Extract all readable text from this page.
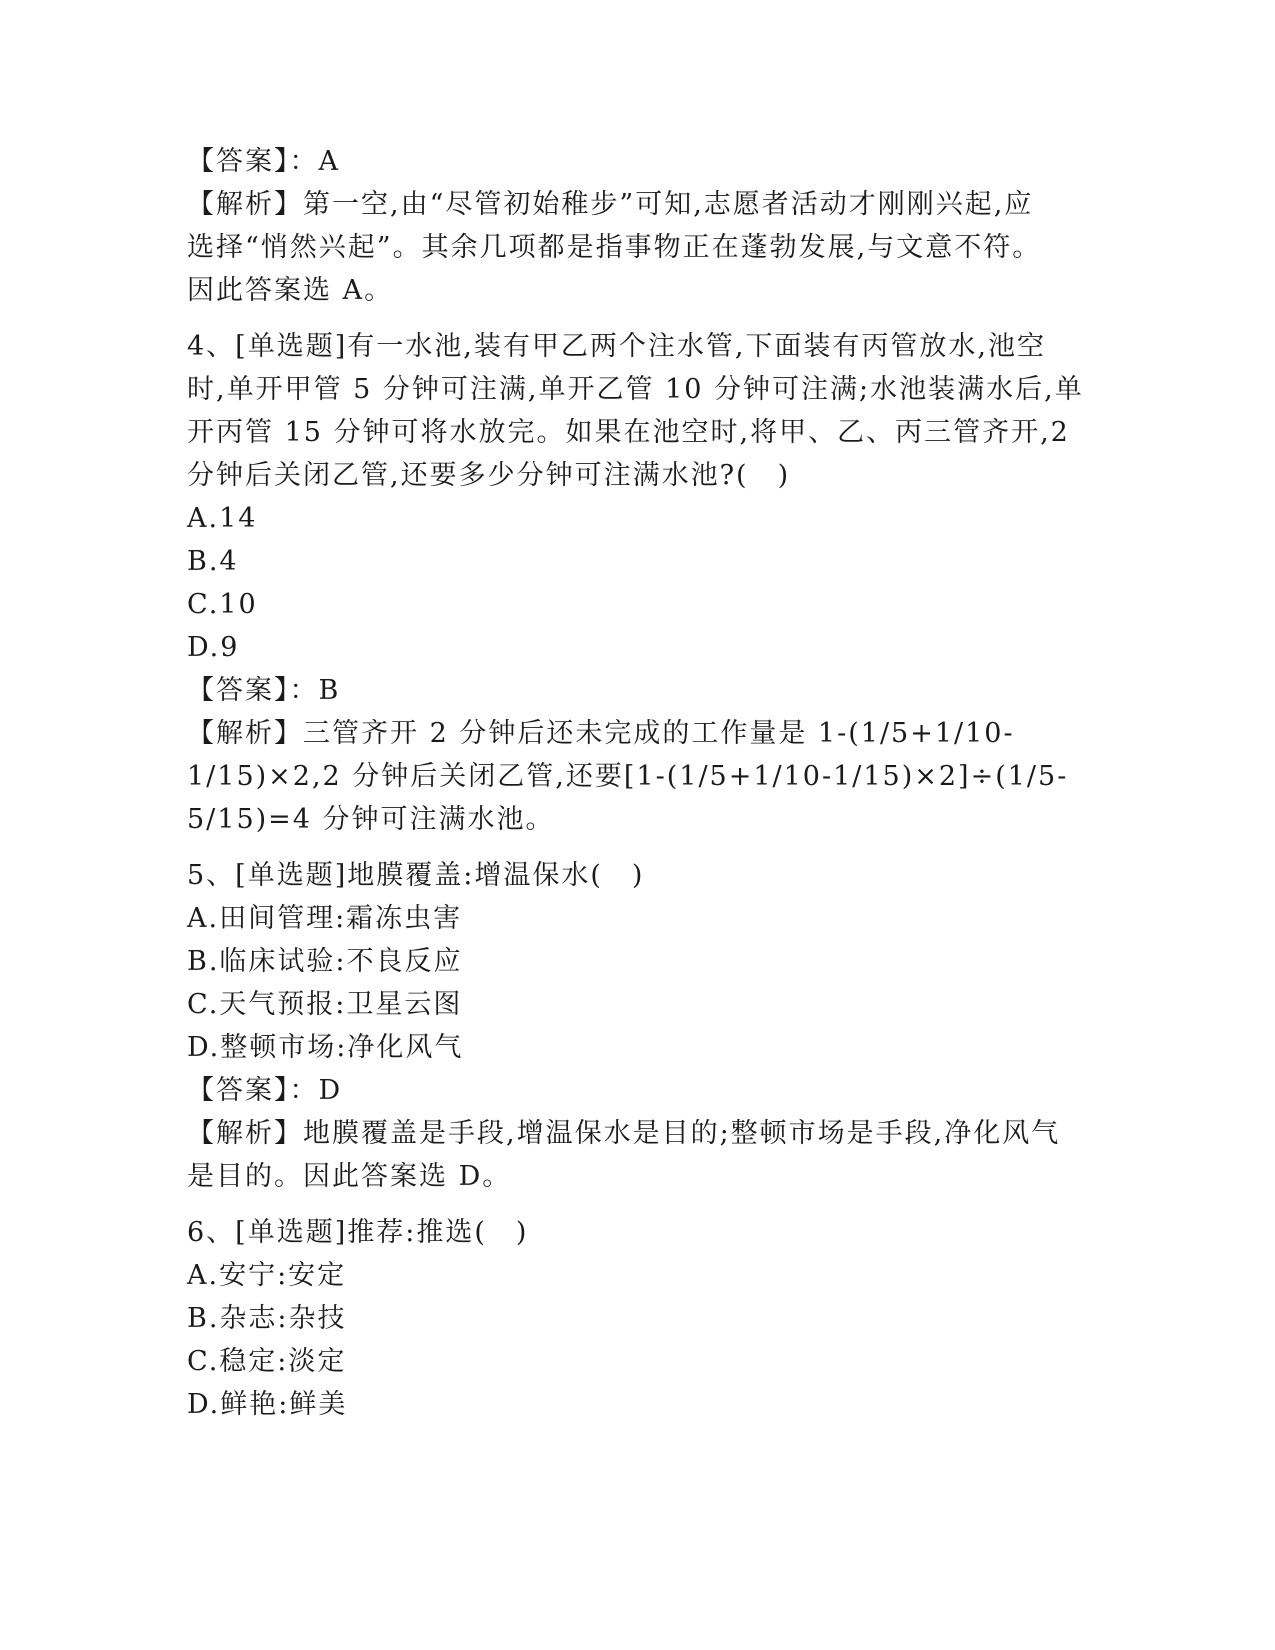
【答案】：A
【解析】第一空,由“尽管初始稚步”可知,志愿者活动才刚刚兴起,应
选择“悄然兴起”。其余几项都是指事物正在蓬勃发展,与文意不符。
因此答案选 A。
4、[单选题]有一水池,装有甲乙两个注水管,下面装有丙管放水,池空
时,单开甲管 5 分钟可注满,单开乙管 10 分钟可注满;水池装满水后,单
开丙管 15 分钟可将水放完。如果在池空时,将甲、乙、丙三管齐开,2
分钟后关闭乙管,还要多少分钟可注满水池?(　)
A.14
B.4
C.10
D.9
【答案】：B
【解析】三管齐开 2 分钟后还未完成的工作量是 1-(1/5+1/10-
1/15)×2,2 分钟后关闭乙管,还要[1-(1/5+1/10-1/15)×2]÷(1/5-
5/15)=4 分钟可注满水池。
5、[单选题]地膜覆盖:增温保水(　)
A.田间管理:霜冻虫害
B.临床试验:不良反应
C.天气预报:卫星云图
D.整顿市场:净化风气
【答案】：D
【解析】地膜覆盖是手段,增温保水是目的;整顿市场是手段,净化风气
是目的。因此答案选 D。
6、[单选题]推荐:推选(　)
A.安宁:安定
B.杂志:杂技
C.稳定:淡定
D.鲜艳:鲜美
